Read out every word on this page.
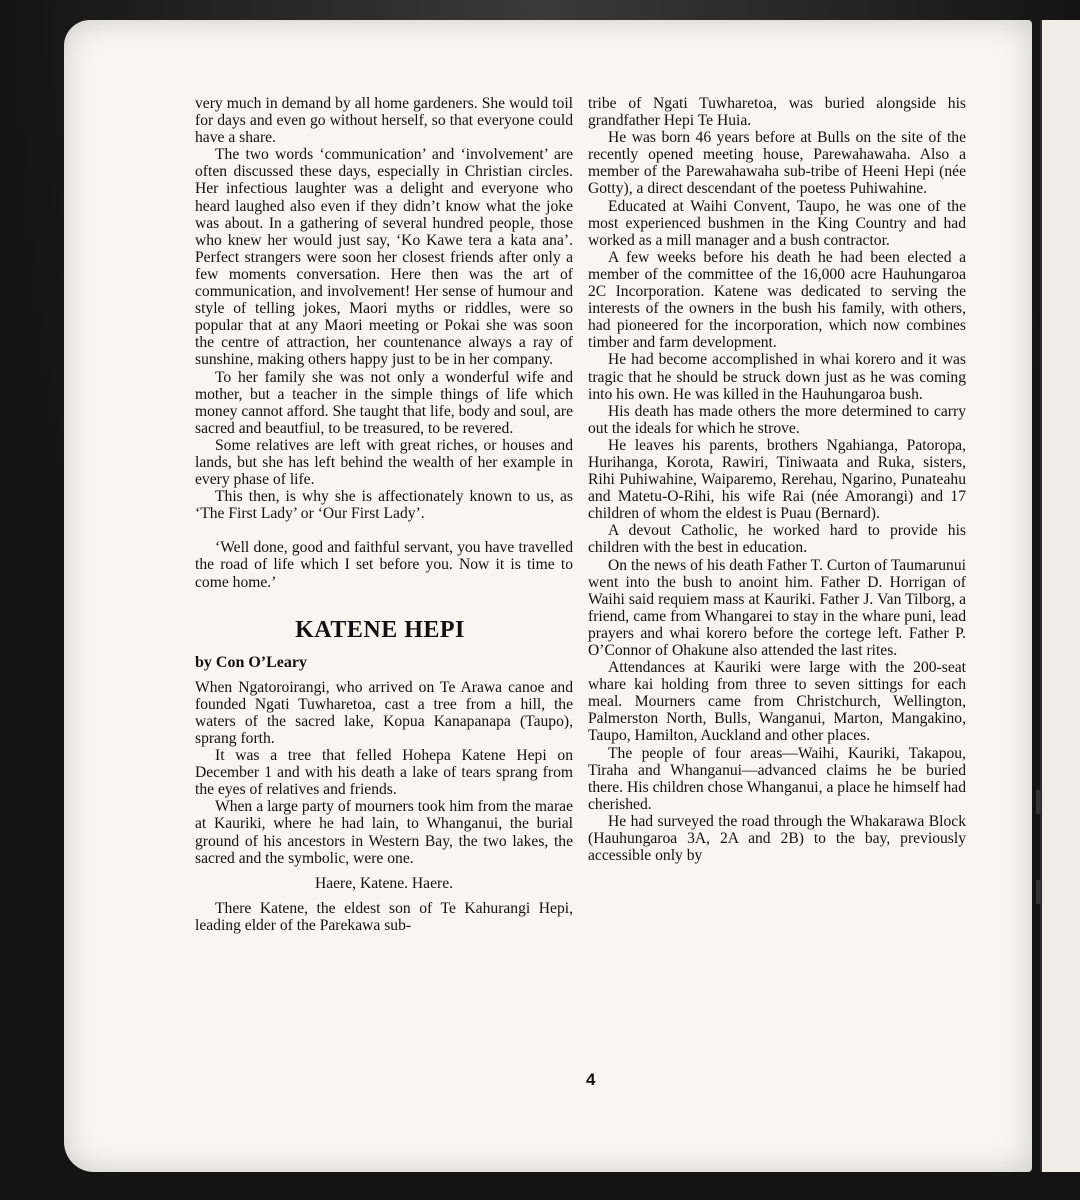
very much in demand by all home gardeners. She would toil for days and even go without herself, so that everyone could have a share.

The two words ‘communication’ and ‘involvement’ are often discussed these days, especially in Christian circles. Her infectious laughter was a delight and everyone who heard laughed also even if they didn’t know what the joke was about. In a gathering of several hundred people, those who knew her would just say, ‘Ko Kawe tera a kata ana’. Perfect strangers were soon her closest friends after only a few moments conversation. Here then was the art of communication, and involvement! Her sense of humour and style of telling jokes, Maori myths or riddles, were so popular that at any Maori meeting or Pokai she was soon the centre of attraction, her countenance always a ray of sunshine, making others happy just to be in her company.

To her family she was not only a wonderful wife and mother, but a teacher in the simple things of life which money cannot afford. She taught that life, body and soul, are sacred and beautfiul, to be treasured, to be revered.

Some relatives are left with great riches, or houses and lands, but she has left behind the wealth of her example in every phase of life.

This then, is why she is affectionately known to us, as ‘The First Lady’ or ‘Our First Lady’.

‘Well done, good and faithful servant, you have travelled the road of life which I set before you. Now it is time to come home.’

KATENE HEPI
by Con O’Leary

When Ngatoroirangi, who arrived on Te Arawa canoe and founded Ngati Tuwharetoa, cast a tree from a hill, the waters of the sacred lake, Kopua Kanapanapa (Taupo), sprang forth.

It was a tree that felled Hohepa Katene Hepi on December 1 and with his death a lake of tears sprang from the eyes of relatives and friends.

When a large party of mourners took him from the marae at Kauriki, where he had lain, to Whanganui, the burial ground of his ancestors in Western Bay, the two lakes, the sacred and the symbolic, were one.

Haere, Katene. Haere.

There Katene, the eldest son of Te Kahurangi Hepi, leading elder of the Parekawa sub-

tribe of Ngati Tuwharetoa, was buried alongside his grandfather Hepi Te Huia.

He was born 46 years before at Bulls on the site of the recently opened meeting house, Parewahawaha. Also a member of the Parewahawaha sub-tribe of Heeni Hepi (née Gotty), a direct descendant of the poetess Puhiwahine.

Educated at Waihi Convent, Taupo, he was one of the most experienced bushmen in the King Country and had worked as a mill manager and a bush contractor.

A few weeks before his death he had been elected a member of the committee of the 16,000 acre Hauhungaroa 2C Incorporation. Katene was dedicated to serving the interests of the owners in the bush his family, with others, had pioneered for the incorporation, which now combines timber and farm development.

He had become accomplished in whai korero and it was tragic that he should be struck down just as he was coming into his own. He was killed in the Hauhungaroa bush.

His death has made others the more determined to carry out the ideals for which he strove.

He leaves his parents, brothers Ngahianga, Patoropa, Hurihanga, Korota, Rawiri, Tiniwaata and Ruka, sisters, Rihi Puhiwahine, Waiparemo, Rerehau, Ngarino, Punateahu and Matetu-O-Rihi, his wife Rai (née Amorangi) and 17 children of whom the eldest is Puau (Bernard).

A devout Catholic, he worked hard to provide his children with the best in education.

On the news of his death Father T. Curton of Taumarunui went into the bush to anoint him. Father D. Horrigan of Waihi said requiem mass at Kauriki. Father J. Van Tilborg, a friend, came from Whangarei to stay in the whare puni, lead prayers and whai korero before the cortege left. Father P. O’Connor of Ohakune also attended the last rites.

Attendances at Kauriki were large with the 200-seat whare kai holding from three to seven sittings for each meal. Mourners came from Christchurch, Wellington, Palmerston North, Bulls, Wanganui, Marton, Mangakino, Taupo, Hamilton, Auckland and other places.

The people of four areas—Waihi, Kauriki, Takapou, Tiraha and Whanganui—advanced claims he be buried there. His children chose Whanganui, a place he himself had cherished.

He had surveyed the road through the Whakarawa Block (Hauhungaroa 3A, 2A and 2B) to the bay, previously accessible only by

4
